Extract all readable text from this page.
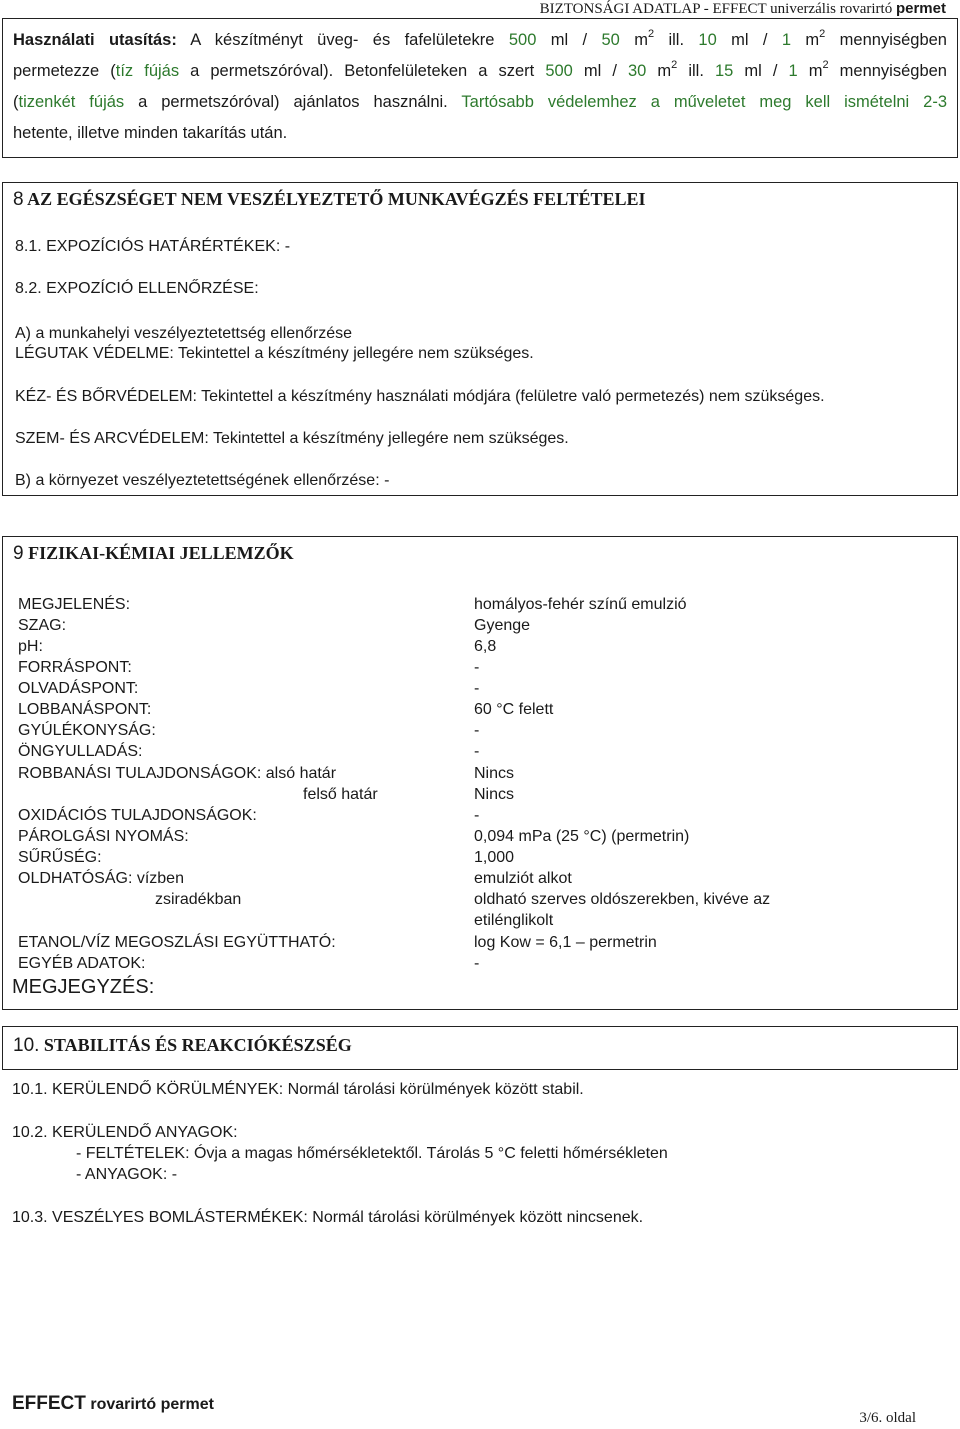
BIZTONSÁGI ADATLAP - EFFECT univerzális rovarirtó permet

Használati utasítás: A készítményt üveg- és fafelületekre 500 ml / 50 $m^2$ ill. 10 ml / 1 $m^2$ mennyiségben

permetezze (tíz fújás a permetszóróval). Betonfelületeken a szert 500 ml / 30 $m^2$ ill. 15 ml / 1 $m^2$ mennyiségben

(tizenkét fújás a permetszóróval) ajánlatos használni. Tartósabb védelemhez a műveletet meg kell ismételni 2-3

hetente, illetve minden takarítás után.

8 AZ EGÉSZSÉGET NEM VESZÉLYEZTETŐ MUNKAVÉGZÉS FELTÉTELEI
8.1. EXPOZÍCIÓS HATÁRÉRTÉKEK: -
8.2. EXPOZÍCIÓ ELLENŐRZÉSE:
A) a munkahelyi veszélyeztetettség ellenőrzése
LÉGUTAK VÉDELME: Tekintettel a készítmény jellegére nem szükséges.
KÉZ- ÉS BŐRVÉDELEM: Tekintettel a készítmény használati módjára (felületre való permetezés) nem szükséges.
SZEM- ÉS ARCVÉDELEM: Tekintettel a készítmény jellegére nem szükséges.
B) a környezet veszélyeztetettségének ellenőrzése: -
9 FIZIKAI-KÉMIAI JELLEMZŐK
MEGJELENÉS:	homályos-fehér színű emulzió
SZAG:	Gyenge
pH:	6,8
FORRÁSPONT:	-
OLVADÁSPONT:	-
LOBBANÁSPONT:	60 °C felett
GYÚLÉKONYSÁG:	-
ÖNGYULLADÁS:	-
ROBBANÁSI TULAJDONSÁGOK: alsó határ	Nincs
felső határ	Nincs
OXIDÁCIÓS TULAJDONSÁGOK:	-
PÁROLGÁSI NYOMÁS:	0,094 mPa (25 °C) (permetrin)
SŰRŰSÉG:	1,000
OLDHATÓSÁG: vízben	emulziót alkot
zsiradékban	oldható szerves oldószerekben, kivéve az
etilénglikolt
ETANOL/VÍZ MEGOSZLÁSI EGYÜTTHATÓ:	log Kow = 6,1 – permetrin
EGYÉB ADATOK:	-
MEGJEGYZÉS:
10. STABILITÁS ÉS REAKCIÓKÉSZSÉG
10.1. KERÜLENDŐ KÖRÜLMÉNYEK: Normál tárolási körülmények között stabil.
10.2. KERÜLENDŐ ANYAGOK:
- FELTÉTELEK: Óvja a magas hőmérsékletektől. Tárolás 5 °C feletti hőmérsékleten
- ANYAGOK: -
10.3. VESZÉLYES BOMLÁSTERMÉKEK: Normál tárolási körülmények között nincsenek.
EFFECT rovarirtó permet
3/6. oldal
